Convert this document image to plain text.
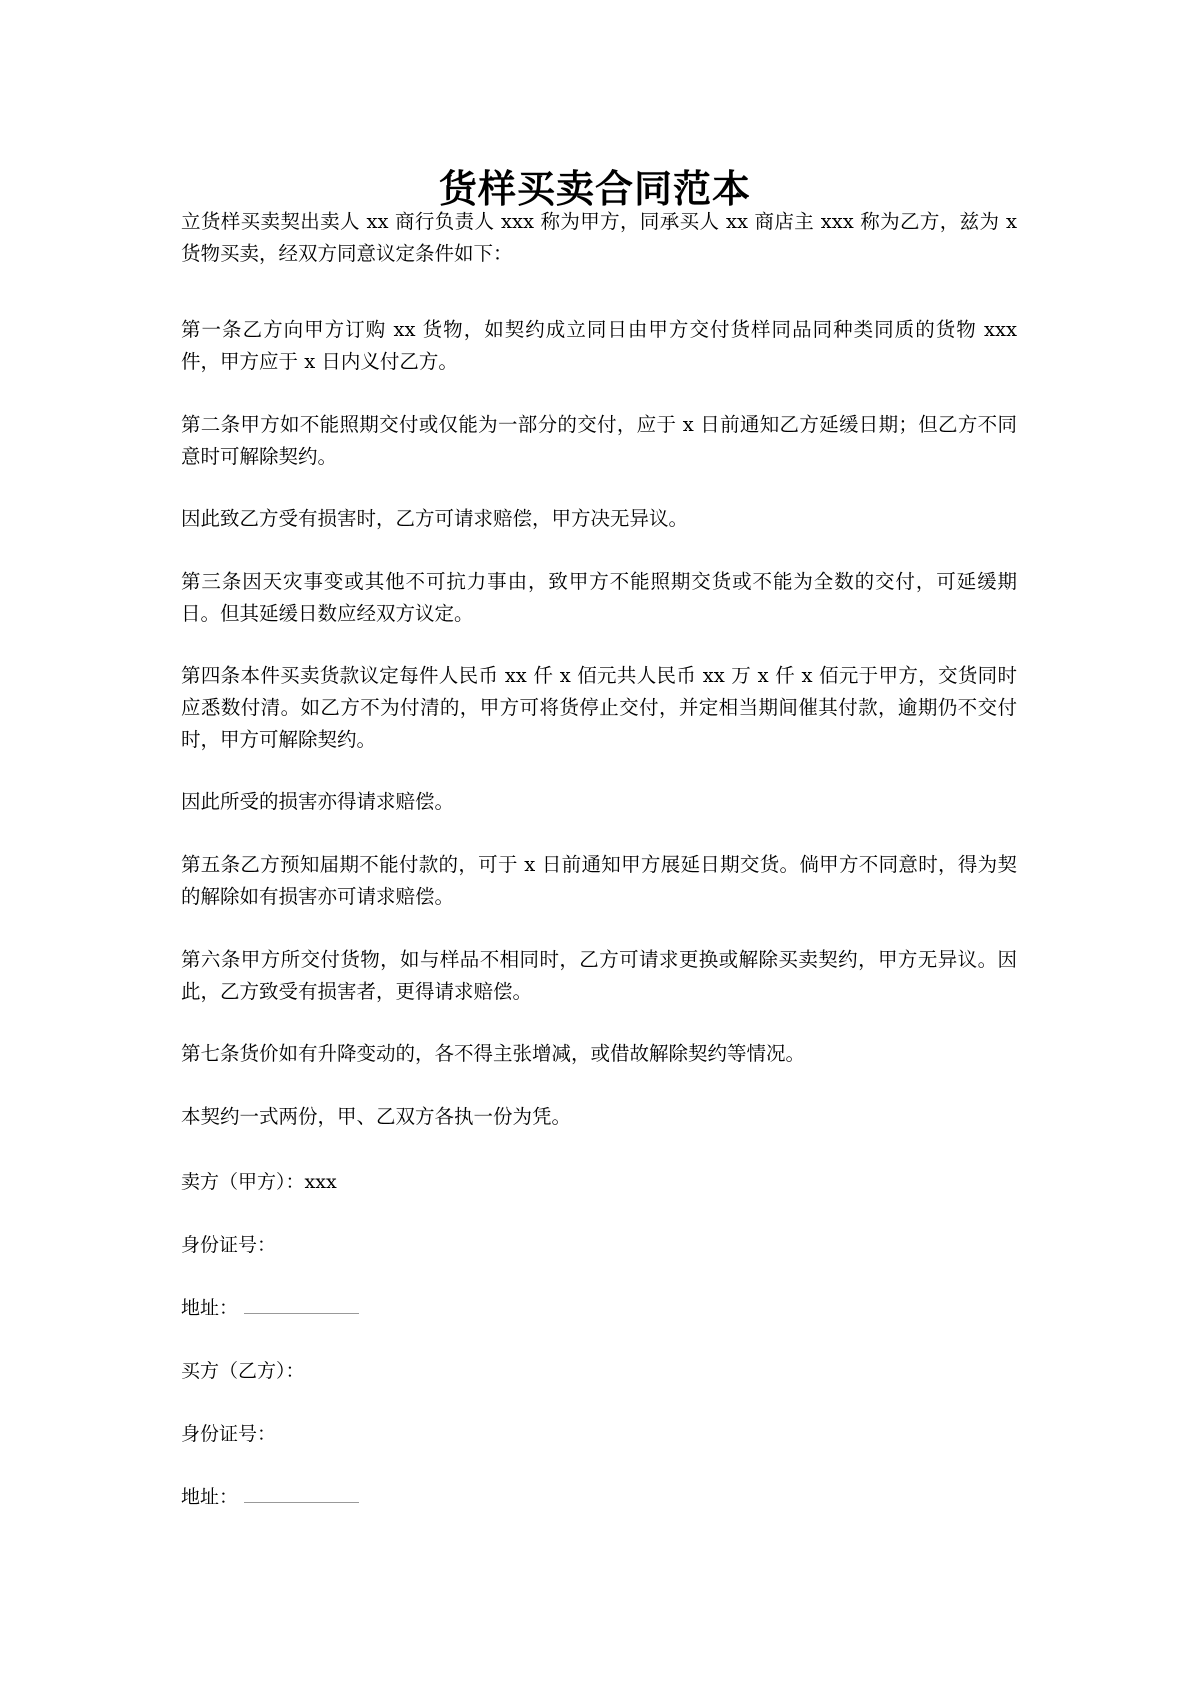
货样买卖合同范本

立货样买卖契出卖人 xx 商行负责人 xxx 称为甲方，同承买人 xx 商店主 xxx 称为乙方，兹为 x 货物买卖，经双方同意议定条件如下：

第一条乙方向甲方订购 xx 货物，如契约成立同日由甲方交付货样同品同种类同质的货物 xxx 件，甲方应于 x 日内义付乙方。

第二条甲方如不能照期交付或仅能为一部分的交付，应于 x 日前通知乙方延缓日期；但乙方不同意时可解除契约。

因此致乙方受有损害时，乙方可请求赔偿，甲方决无异议。

第三条因天灾事变或其他不可抗力事由，致甲方不能照期交货或不能为全数的交付，可延缓期日。但其延缓日数应经双方议定。

第四条本件买卖货款议定每件人民币 xx 仟 x 佰元共人民币 xx 万 x 仟 x 佰元于甲方，交货同时应悉数付清。如乙方不为付清的，甲方可将货停止交付，并定相当期间催其付款，逾期仍不交付时，甲方可解除契约。

因此所受的损害亦得请求赔偿。

第五条乙方预知届期不能付款的，可于 x 日前通知甲方展延日期交货。倘甲方不同意时，得为契的解除如有损害亦可请求赔偿。

第六条甲方所交付货物，如与样品不相同时，乙方可请求更换或解除买卖契约，甲方无异议。因此，乙方致受有损害者，更得请求赔偿。

第七条货价如有升降变动的，各不得主张增减，或借故解除契约等情况。

本契约一式两份，甲、乙双方各执一份为凭。

卖方（甲方）：xxx
身份证号：
地址：
买方（乙方）：
身份证号：
地址：
